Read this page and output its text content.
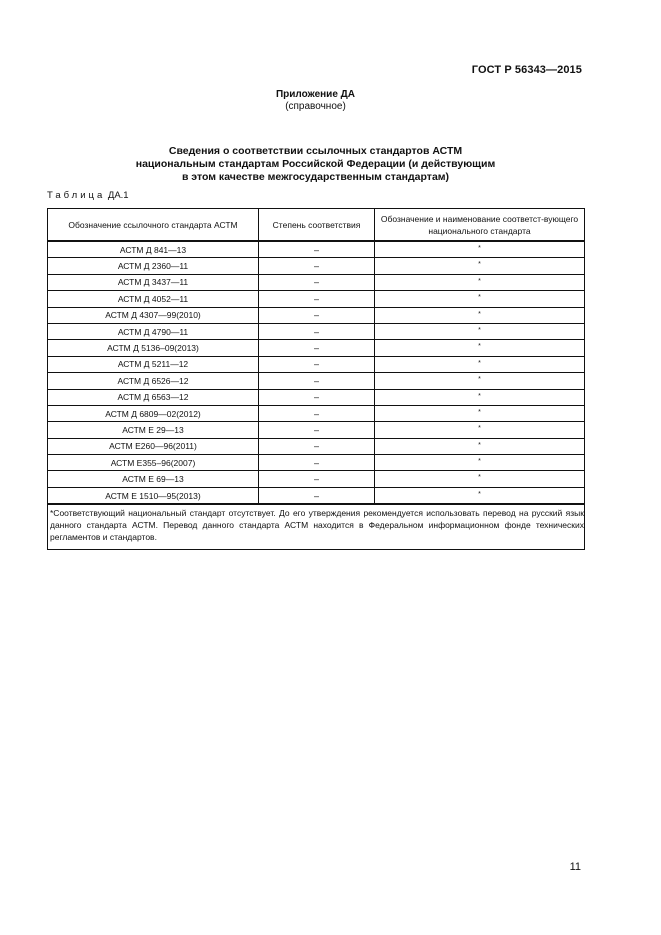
ГОСТ Р 56343—2015
Приложение ДА
(справочное)
Сведения о соответствии ссылочных стандартов АСТМ
национальным стандартам Российской Федерации (и действующим
в этом качестве межгосударственным стандартам)
Таблица ДА.1
Обозначение ссылочного стандарта АСТМ	Степень соответствия	Обозначение и наименование соответст-вующего национального стандарта
АСТМ Д 841—13	–	*
АСТМ Д 2360—11	–	*
АСТМ Д 3437—11	–	*
АСТМ Д 4052—11	–	*
АСТМ Д 4307—99(2010)	–	*
АСТМ Д 4790—11	–	*
АСТМ Д 5136–09(2013)	–	*
АСТМ Д 5211—12	–	*
АСТМ Д 6526—12	–	*
АСТМ Д 6563—12	–	*
АСТМ Д 6809—02(2012)	–	*
АСТМ Е 29—13	–	*
АСТМ Е260—96(2011)	–	*
АСТМ Е355–96(2007)	–	*
АСТМ Е 69—13	–	*
АСТМ Е 1510—95(2013)	–	*
*Соответствующий национальный стандарт отсутствует. До его утверждения рекомендуется использовать перевод на русский язык данного стандарта АСТМ. Перевод данного стандарта АСТМ находится в Федеральном информационном фонде технических регламентов и стандартов.		
11
